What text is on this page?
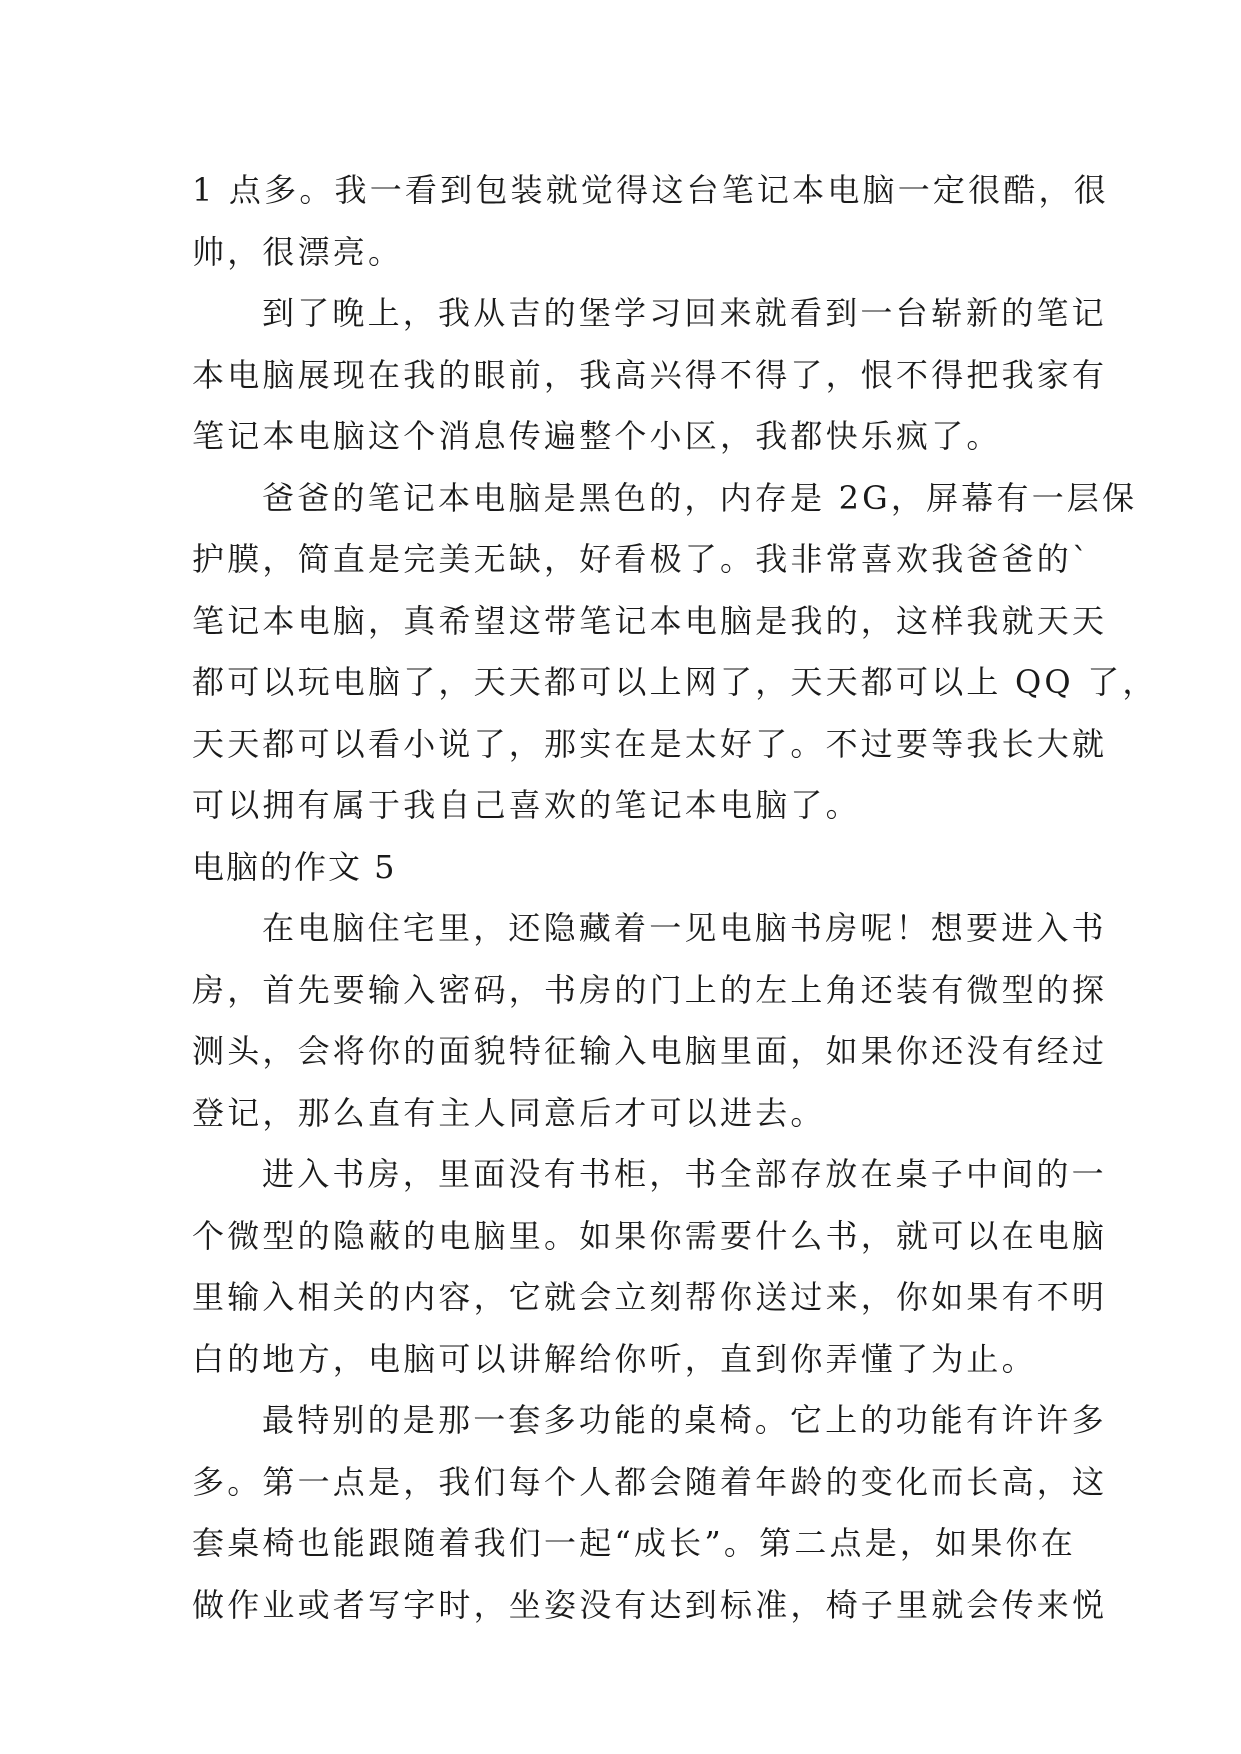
1 点多。我一看到包装就觉得这台笔记本电脑一定很酷，很
帅，很漂亮。
到了晚上，我从吉的堡学习回来就看到一台崭新的笔记
本电脑展现在我的眼前，我高兴得不得了，恨不得把我家有
笔记本电脑这个消息传遍整个小区，我都快乐疯了。
爸爸的笔记本电脑是黑色的，内存是 2G，屏幕有一层保
护膜，简直是完美无缺，好看极了。我非常喜欢我爸爸的`
笔记本电脑，真希望这带笔记本电脑是我的，这样我就天天
都可以玩电脑了，天天都可以上网了，天天都可以上 QQ 了，
天天都可以看小说了，那实在是太好了。不过要等我长大就
可以拥有属于我自己喜欢的笔记本电脑了。
电脑的作文 5
在电脑住宅里，还隐藏着一见电脑书房呢！想要进入书
房，首先要输入密码，书房的门上的左上角还装有微型的探
测头，会将你的面貌特征输入电脑里面，如果你还没有经过
登记，那么直有主人同意后才可以进去。
进入书房，里面没有书柜，书全部存放在桌子中间的一
个微型的隐蔽的电脑里。如果你需要什么书，就可以在电脑
里输入相关的内容，它就会立刻帮你送过来，你如果有不明
白的地方，电脑可以讲解给你听，直到你弄懂了为止。
最特别的是那一套多功能的桌椅。它上的功能有许许多
多。第一点是，我们每个人都会随着年龄的变化而长高，这
套桌椅也能跟随着我们一起“成长”。第二点是，如果你在
做作业或者写字时，坐姿没有达到标准，椅子里就会传来悦
